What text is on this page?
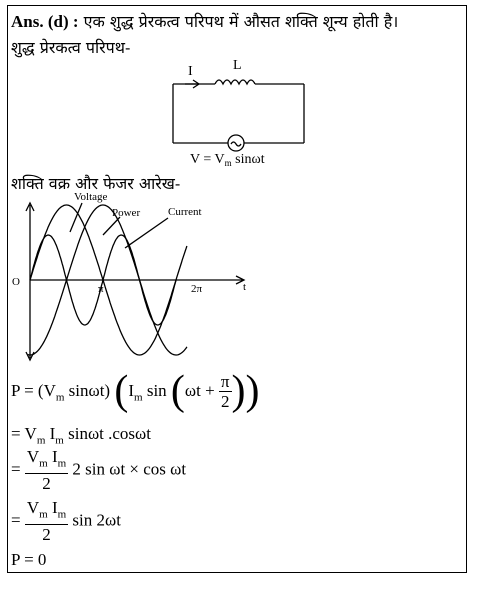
Ans. (d) : एक शुद्ध प्रेरकत्व परिपथ में औसत शक्ति शून्य होती है।
शुद्ध प्रेरकत्व परिपथ-
I	L
$V = V_m$ sinωt
Voltage
Power	Current
O
π	2π	t
शक्ति वक्र और फेजर आरेख-
$P = (V_m$ sinωt) ($I_m$ $\sin (\omega t + \frac{\pi}{2}$ ))
= $V_m$ $I_m$ sinωt .cosωt
= $\frac{V_m I_m}{2} 2$ sin ωt × cos ωt
= $\frac{V_m I_m}{2}$ sin 2ωt
P = 0
